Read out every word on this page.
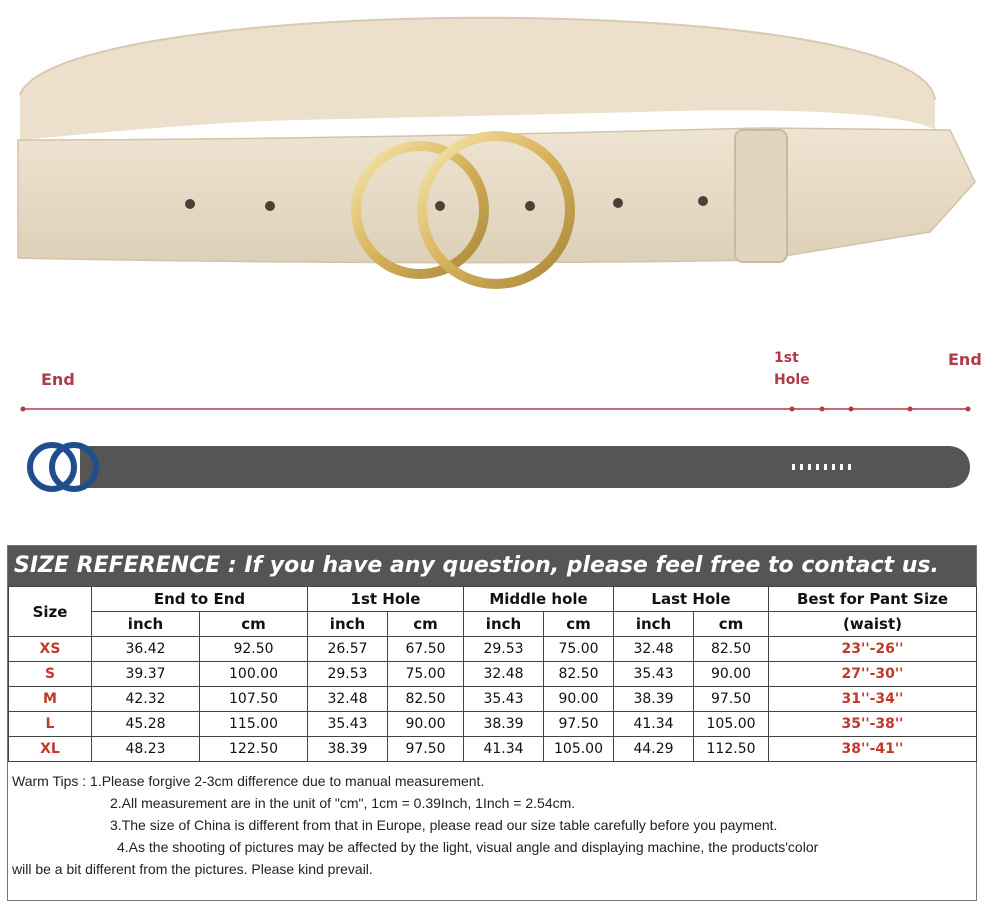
End
1st
Hole
End
SIZE REFERENCE : If you have any question, please feel free to contact us.
Size	End to End		1st Hole		Middle hole		Last Hole		Best for Pant Size
	inch	cm	inch	cm	inch	cm	inch	cm	(waist)
XS	36.42	92.50	26.57	67.50	29.53	75.00	32.48	82.50	23''-26''
S	39.37	100.00	29.53	75.00	32.48	82.50	35.43	90.00	27''-30''
M	42.32	107.50	32.48	82.50	35.43	90.00	38.39	97.50	31''-34''
L	45.28	115.00	35.43	90.00	38.39	97.50	41.34	105.00	35''-38''
XL	48.23	122.50	38.39	97.50	41.34	105.00	44.29	112.50	38''-41''
Warm Tips : 1.Please forgive 2-3cm difference due to manual measurement.
2.All measurement are in the unit of "cm", 1cm = 0.39Inch, 1Inch = 2.54cm.
3.The size of China is different from that in Europe, please read our size table carefully before you payment.
4.As the shooting of pictures may be affected by the light, visual angle and displaying machine, the products'color
will be a bit different from the pictures. Please kind prevail.
